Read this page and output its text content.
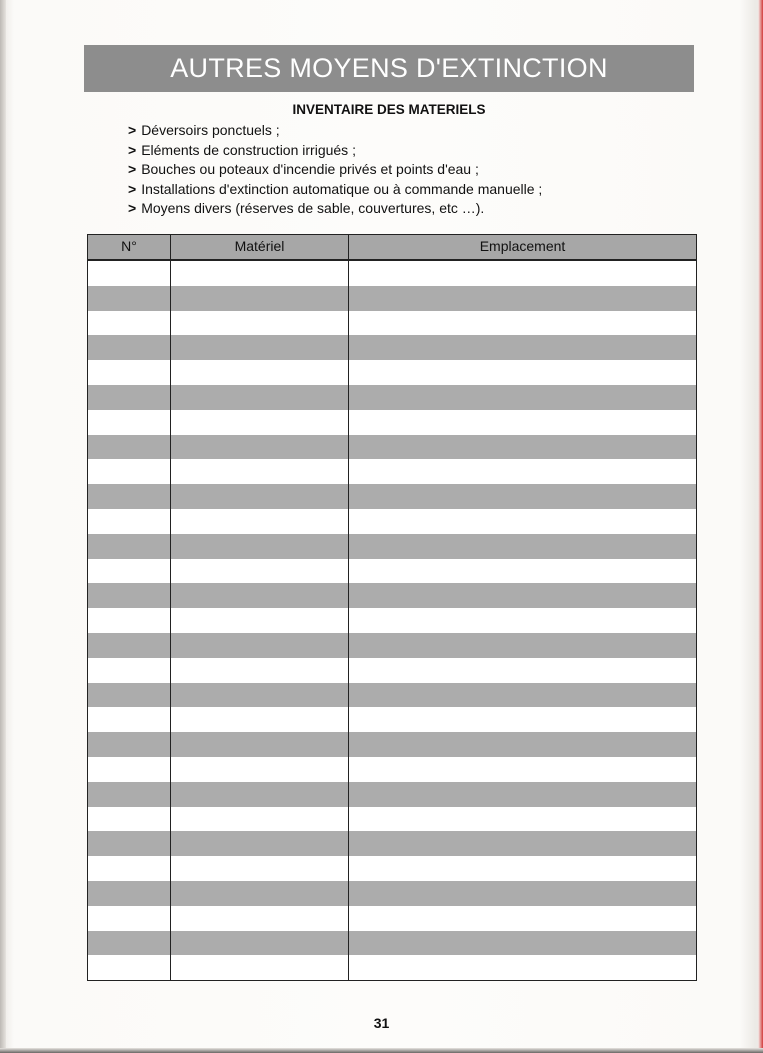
AUTRES MOYENS D'EXTINCTION
INVENTAIRE DES MATERIELS
> Déversoirs ponctuels ;
> Eléments de construction irrigués ;
> Bouches ou poteaux d'incendie privés et points d'eau ;
> Installations d'extinction automatique ou à commande manuelle ;
> Moyens divers (réserves de sable, couvertures, etc …).
N°	Matériel	Emplacement
31
